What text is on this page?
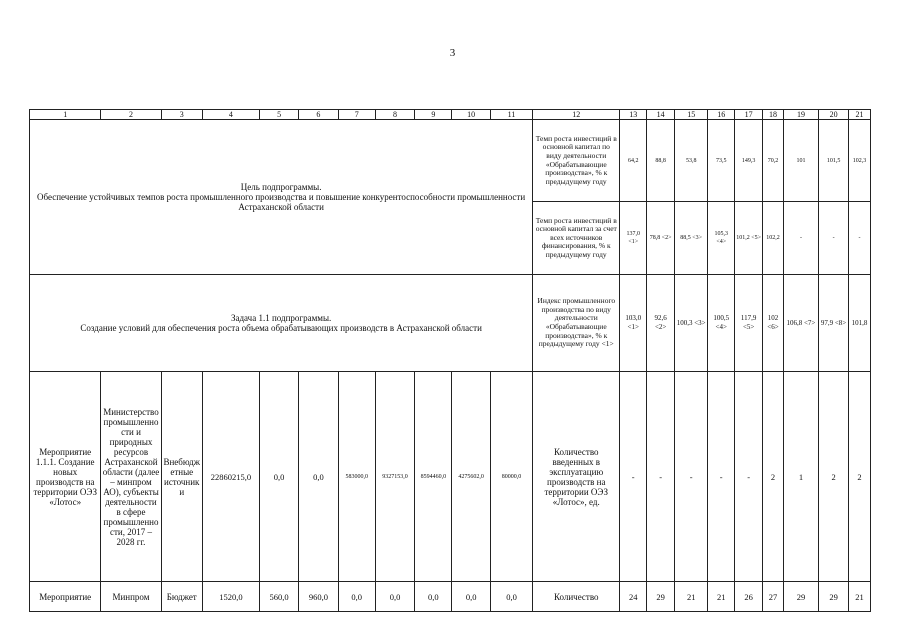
3
1	2	3	4	5	6	7	8	9	10	11	12	13	14	15	16	17	18	19	20	21

Цель подпрограммы.
Обеспечение устойчивых темпов роста промышленного производства и повышение конкурентоспособности промышленности Астраханской области											Темп роста инвестиций в основной капитал по виду деятельности «Обрабатывающие производства», % к предыдущему году	64,2	88,8	53,8	73,5	149,3	70,2	101	101,5	102,3
											Темп роста инвестиций в основной капитал за счет всех источников финансирования, % к предыдущему году	137,0 <1>	78,8 <2>	88,5 <3>	105,3 <4>	101,2 <5>	102,2	-	-	-

Задача 1.1 подпрограммы.
Создание условий для обеспечения роста объема обрабатывающих производств в Астраханской области											Индекс промышленного производства по виду деятельности «Обрабатывающие производства», % к предыдущему году <1>	103,0 <1>	92,6 <2>	100,3 <3>	100,5 <4>	117,9 <5>	102 <6>	106,8 <7>	97,9 <8>	101,8
Мероприятие 1.1.1. Создание новых производств на территории ОЭЗ «Лотос»	Министерство промышленности и природных ресурсов Астраханской области (далее – минпром АО), субъекты деятельности в сфере промышленности, 2017 – 2028 гг.	Внебюджетные источники	22860215,0	0,0	0,0	583000,0	9327153,0	8594460,0	4275602,0	80000,0	Количество введенных в эксплуатацию производств на территории ОЭЗ «Лотос», ед.	-	-	-	-	-	2	1	2	2
Мероприятие	Минпром	Бюджет	1520,0	560,0	960,0	0,0	0,0	0,0	0,0	0,0	Количество	24	29	21	21	26	27	29	29	21
